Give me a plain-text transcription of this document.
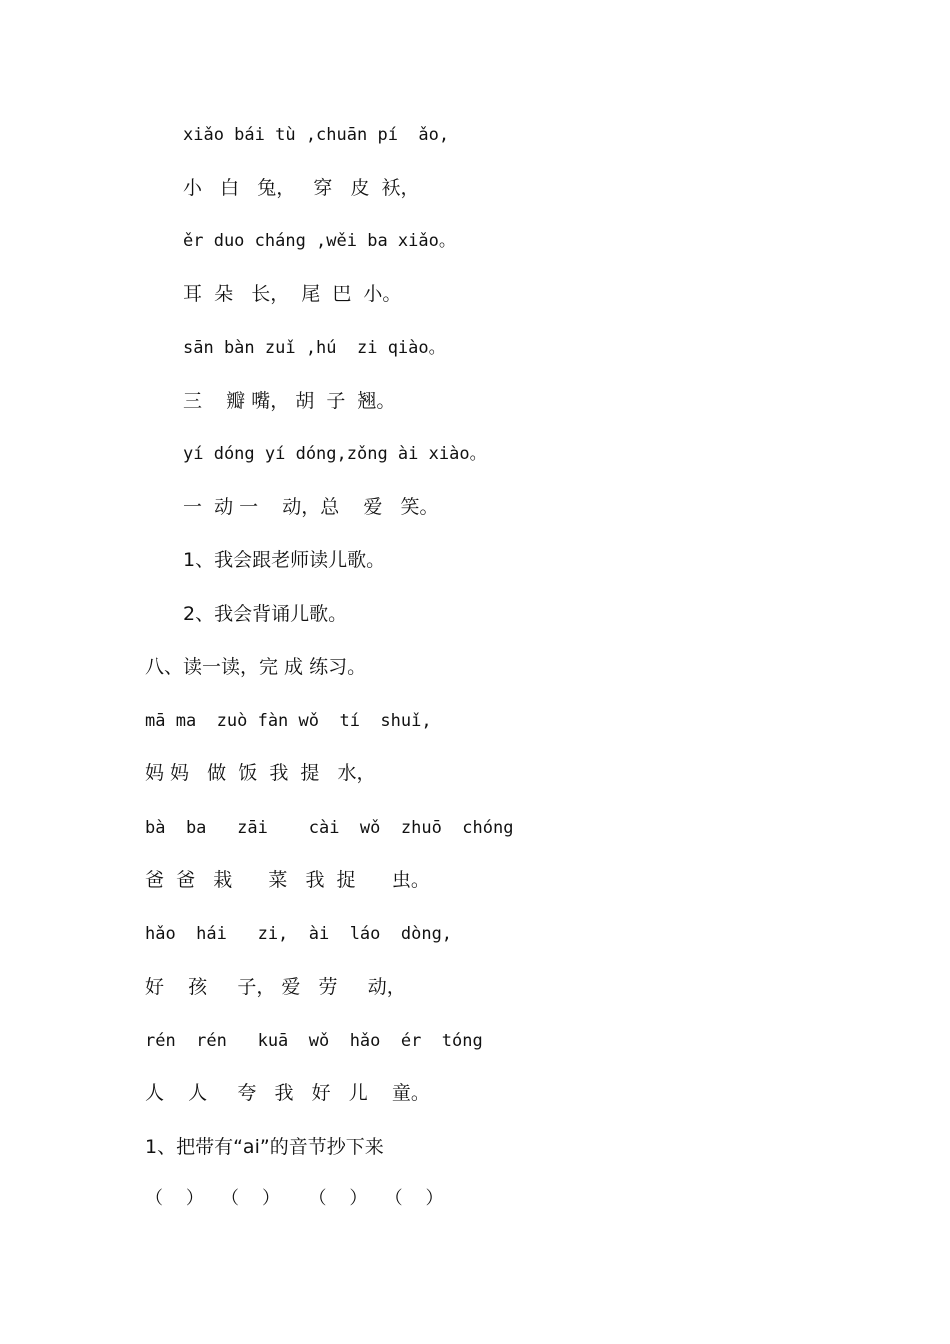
xiǎo bái tù ,chuān pí  ǎo,
小   白   兔，   穿   皮  袄，
ěr duo cháng ,wěi ba xiǎo。
耳  朵   长，  尾  巴  小。
sān bàn zuǐ ,hú  zi qiào。
三    瓣 嘴， 胡  子  翘。
yí dóng yí dóng,zǒng ài xiào。
一  动 一    动，总    爱   笑。
1、我会跟老师读儿歌。
2、我会背诵儿歌。
八、读一读，完 成 练习。
mā ma  zuò fàn wǒ  tí  shuǐ,
妈 妈   做  饭  我  提   水，
bà  ba   zāi    cài  wǒ  zhuō  chóng
爸  爸   栽      菜   我  捉      虫。
hǎo  hái   zi,  ài  láo  dòng,
好    孩     子， 爱   劳     动，
rén  rén   kuā  wǒ  hǎo  ér  tóng
人    人     夸   我   好   儿    童。
1、把带有“ai”的音节抄下来
（    ）   （    ）     （    ）   （    ）
